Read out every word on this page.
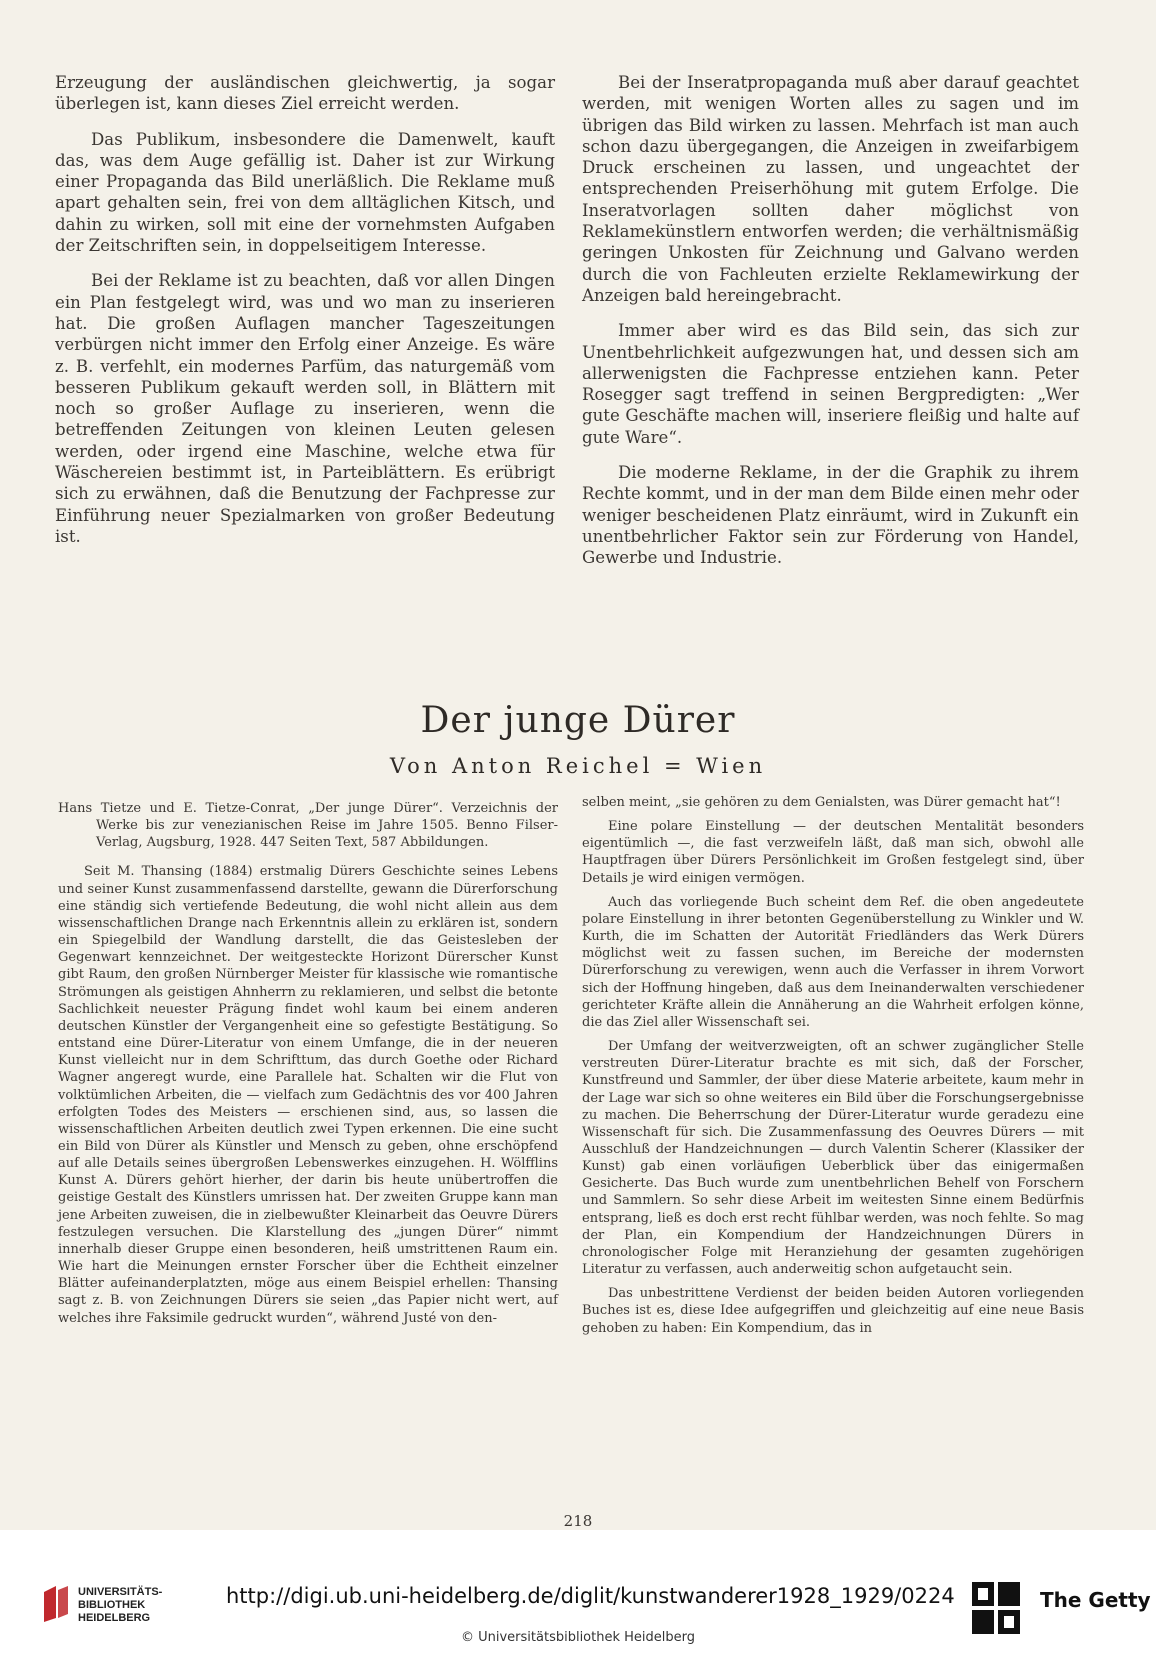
Erzeugung der ausländischen gleichwertig, ja sogar überlegen ist, kann dieses Ziel erreicht werden.

Das Publikum, insbesondere die Damenwelt, kauft das, was dem Auge gefällig ist. Daher ist zur Wirkung einer Propaganda das Bild unerläßlich. Die Reklame muß apart gehalten sein, frei von dem alltäglichen Kitsch, und dahin zu wirken, soll mit eine der vornehmsten Aufgaben der Zeitschriften sein, in doppelseitigem Interesse.

Bei der Reklame ist zu beachten, daß vor allen Dingen ein Plan festgelegt wird, was und wo man zu inserieren hat. Die großen Auflagen mancher Tageszeitungen verbürgen nicht immer den Erfolg einer Anzeige. Es wäre z. B. verfehlt, ein modernes Parfüm, das naturgemäß vom besseren Publikum gekauft werden soll, in Blättern mit noch so großer Auflage zu inserieren, wenn die betreffenden Zeitungen von kleinen Leuten gelesen werden, oder irgend eine Maschine, welche etwa für Wäschereien bestimmt ist, in Parteiblättern. Es erübrigt sich zu erwähnen, daß die Benutzung der Fachpresse zur Einführung neuer Spezialmarken von großer Bedeutung ist.

Bei der Inseratpropaganda muß aber darauf geachtet werden, mit wenigen Worten alles zu sagen und im übrigen das Bild wirken zu lassen. Mehrfach ist man auch schon dazu übergegangen, die Anzeigen in zweifarbigem Druck erscheinen zu lassen, und ungeachtet der entsprechenden Preiserhöhung mit gutem Erfolge. Die Inseratvorlagen sollten daher möglichst von Reklamekünstlern entworfen werden; die verhältnismäßig geringen Unkosten für Zeichnung und Galvano werden durch die von Fachleuten erzielte Reklamewirkung der Anzeigen bald hereingebracht.

Immer aber wird es das Bild sein, das sich zur Unentbehrlichkeit aufgezwungen hat, und dessen sich am allerwenigsten die Fachpresse entziehen kann. Peter Rosegger sagt treffend in seinen Bergpredigten: „Wer gute Geschäfte machen will, inseriere fleißig und halte auf gute Ware“.

Die moderne Reklame, in der die Graphik zu ihrem Rechte kommt, und in der man dem Bilde einen mehr oder weniger bescheidenen Platz einräumt, wird in Zukunft ein unentbehrlicher Faktor sein zur Förderung von Handel, Gewerbe und Industrie.

Der junge Dürer
Von Anton Reichel = Wien
Hans Tietze und E. Tietze-Conrat, „Der junge Dürer“. Verzeichnis der Werke bis zur venezianischen Reise im Jahre 1505. Benno Filser-Verlag, Augsburg, 1928. 447 Seiten Text, 587 Abbildungen.

Seit M. Thansing (1884) erstmalig Dürers Geschichte seines Lebens und seiner Kunst zusammenfassend darstellte, gewann die Dürerforschung eine ständig sich vertiefende Bedeutung, die wohl nicht allein aus dem wissenschaftlichen Drange nach Erkenntnis allein zu erklären ist, sondern ein Spiegelbild der Wandlung darstellt, die das Geistesleben der Gegenwart kennzeichnet. Der weitgesteckte Horizont Dürerscher Kunst gibt Raum, den großen Nürnberger Meister für klassische wie romantische Strömungen als geistigen Ahnherrn zu reklamieren, und selbst die betonte Sachlichkeit neuester Prägung findet wohl kaum bei einem anderen deutschen Künstler der Vergangenheit eine so gefestigte Bestätigung. So entstand eine Dürer-Literatur von einem Umfange, die in der neueren Kunst vielleicht nur in dem Schrifttum, das durch Goethe oder Richard Wagner angeregt wurde, eine Parallele hat. Schalten wir die Flut von volktümlichen Arbeiten, die — vielfach zum Gedächtnis des vor 400 Jahren erfolgten Todes des Meisters — erschienen sind, aus, so lassen die wissenschaftlichen Arbeiten deutlich zwei Typen erkennen. Die eine sucht ein Bild von Dürer als Künstler und Mensch zu geben, ohne erschöpfend auf alle Details seines übergroßen Lebenswerkes einzugehen. H. Wölfflins Kunst A. Dürers gehört hierher, der darin bis heute unübertroffen die geistige Gestalt des Künstlers umrissen hat. Der zweiten Gruppe kann man jene Arbeiten zuweisen, die in zielbewußter Kleinarbeit das Oeuvre Dürers festzulegen versuchen. Die Klarstellung des „jungen Dürer“ nimmt innerhalb dieser Gruppe einen besonderen, heiß umstrittenen Raum ein. Wie hart die Meinungen ernster Forscher über die Echtheit einzelner Blätter aufeinanderplatzten, möge aus einem Beispiel erhellen: Thansing sagt z. B. von Zeichnungen Dürers sie seien „das Papier nicht wert, auf welches ihre Faksimile gedruckt wurden“, während Justé von den-

selben meint, „sie gehören zu dem Genialsten, was Dürer gemacht hat“!

Eine polare Einstellung — der deutschen Mentalität besonders eigentümlich —, die fast verzweifeln läßt, daß man sich, obwohl alle Hauptfragen über Dürers Persönlichkeit im Großen festgelegt sind, über Details je wird einigen vermögen.

Auch das vorliegende Buch scheint dem Ref. die oben angedeutete polare Einstellung in ihrer betonten Gegenüberstellung zu Winkler und W. Kurth, die im Schatten der Autorität Friedländers das Werk Dürers möglichst weit zu fassen suchen, im Bereiche der modernsten Dürerforschung zu verewigen, wenn auch die Verfasser in ihrem Vorwort sich der Hoffnung hingeben, daß aus dem Ineinanderwalten verschiedener gerichteter Kräfte allein die Annäherung an die Wahrheit erfolgen könne, die das Ziel aller Wissenschaft sei.

Der Umfang der weitverzweigten, oft an schwer zugänglicher Stelle verstreuten Dürer-Literatur brachte es mit sich, daß der Forscher, Kunstfreund und Sammler, der über diese Materie arbeitete, kaum mehr in der Lage war sich so ohne weiteres ein Bild über die Forschungsergebnisse zu machen. Die Beherrschung der Dürer-Literatur wurde geradezu eine Wissenschaft für sich. Die Zusammenfassung des Oeuvres Dürers — mit Ausschluß der Handzeichnungen — durch Valentin Scherer (Klassiker der Kunst) gab einen vorläufigen Ueberblick über das einigermaßen Gesicherte. Das Buch wurde zum unentbehrlichen Behelf von Forschern und Sammlern. So sehr diese Arbeit im weitesten Sinne einem Bedürfnis entsprang, ließ es doch erst recht fühlbar werden, was noch fehlte. So mag der Plan, ein Kompendium der Handzeichnungen Dürers in chronologischer Folge mit Heranziehung der gesamten zugehörigen Literatur zu verfassen, auch anderweitig schon aufgetaucht sein.

Das unbestrittene Verdienst der beiden beiden Autoren vorliegenden Buches ist es, diese Idee aufgegriffen und gleichzeitig auf eine neue Basis gehoben zu haben: Ein Kompendium, das in

218
UNIVERSITÄTS-
BIBLIOTHEK
HEIDELBERG
http://digi.ub.uni-heidelberg.de/diglit/kunstwanderer1928_1929/0224
© Universitätsbibliothek Heidelberg
The Getty
